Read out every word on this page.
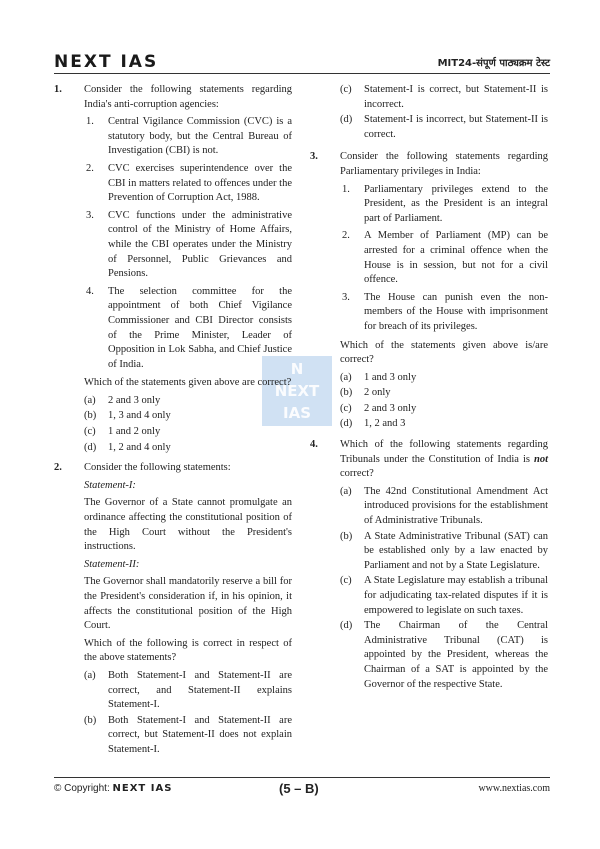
NEXT IAS	MIT24-संपूर्ण पाठ्यक्रम टेस्ट
N
NEXT
IAS
1. Consider the following statements regarding India's anti-corruption agencies:

1. Central Vigilance Commission (CVC) is a statutory body, but the Central Bureau of Investigation (CBI) is not.
2. CVC exercises superintendence over the CBI in matters related to offences under the Prevention of Corruption Act, 1988.
3. CVC functions under the administrative control of the Ministry of Home Affairs, while the CBI operates under the Ministry of Personnel, Public Grievances and Pensions.
4. The selection committee for the appointment of both Chief Vigilance Commissioner and CBI Director consists of the Prime Minister, Leader of Opposition in Lok Sabha, and Chief Justice of India.

Which of the statements given above are correct?

(a) 2 and 3 only
(b) 1, 3 and 4 only
(c) 1 and 2 only
(d) 1, 2 and 4 only
2. Consider the following statements:

Statement-I:

The Governor of a State cannot promulgate an ordinance affecting the constitutional position of the High Court without the President's instructions.

Statement-II:

The Governor shall mandatorily reserve a bill for the President's consideration if, in his opinion, it affects the constitutional position of the High Court.

Which of the following is correct in respect of the above statements?

(a) Both Statement-I and Statement-II are correct, and Statement-II explains Statement-I.
(b) Both Statement-I and Statement-II are correct, but Statement-II does not explain Statement-I.
(c) Statement-I is correct, but Statement-II is incorrect.
(d) Statement-I is incorrect, but Statement-II is correct.
3. Consider the following statements regarding Parliamentary privileges in India:

1. Parliamentary privileges extend to the President, as the President is an integral part of Parliament.
2. A Member of Parliament (MP) can be arrested for a criminal offence when the House is in session, but not for a civil offence.
3. The House can punish even the non-members of the House with imprisonment for breach of its privileges.

Which of the statements given above is/are correct?

(a) 1 and 3 only
(b) 2 only
(c) 2 and 3 only
(d) 1, 2 and 3
4. Which of the following statements regarding Tribunals under the Constitution of India is not correct?

(a) The 42nd Constitutional Amendment Act introduced provisions for the establishment of Administrative Tribunals.
(b) A State Administrative Tribunal (SAT) can be established only by a law enacted by Parliament and not by a State Legislature.
(c) A State Legislature may establish a tribunal for adjudicating tax-related disputes if it is empowered to legislate on such taxes.
(d) The Chairman of the Central Administrative Tribunal (CAT) is appointed by the President, whereas the Chairman of a SAT is appointed by the Governor of the respective State.
© Copyright: NEXT IAS	(5 – B)	www.nextias.com
